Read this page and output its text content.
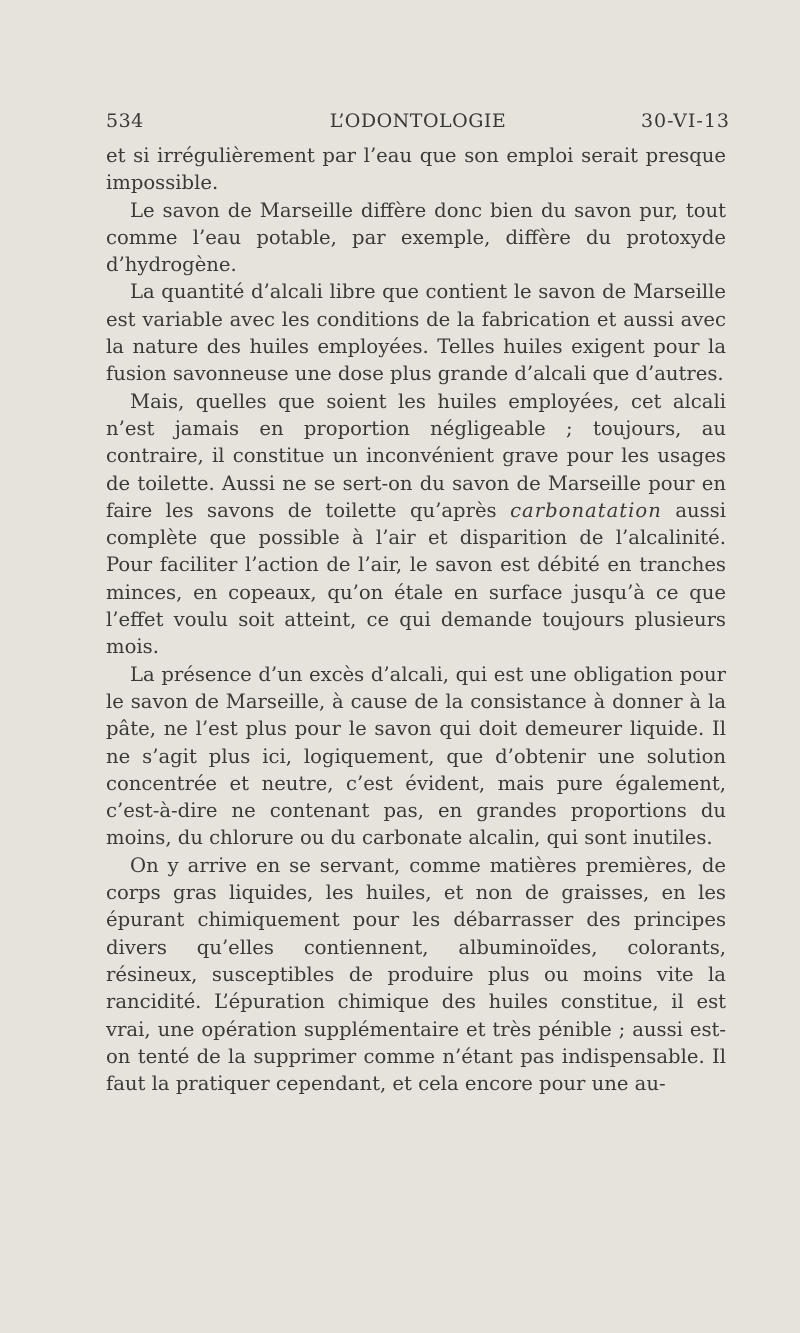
534	L’ODONTOLOGIE	30-VI-13

et si irrégulièrement par l’eau que son emploi serait presque impossible.

Le savon de Marseille diffère donc bien du savon pur, tout comme l’eau potable, par exemple, diffère du protoxyde d’hydrogène.

La quantité d’alcali libre que contient le savon de Marseille est variable avec les conditions de la fabrication et aussi avec la nature des huiles employées. Telles huiles exigent pour la fusion savonneuse une dose plus grande d’alcali que d’autres.

Mais, quelles que soient les huiles employées, cet alcali n’est jamais en proportion négligeable ; toujours, au contraire, il constitue un inconvénient grave pour les usages de toilette. Aussi ne se sert-on du savon de Marseille pour en faire les savons de toilette qu’après carbonatation aussi complète que possible à l’air et disparition de l’alcalinité. Pour faciliter l’action de l’air, le savon est débité en tranches minces, en copeaux, qu’on étale en surface jusqu’à ce que l’effet voulu soit atteint, ce qui demande toujours plusieurs mois.

La présence d’un excès d’alcali, qui est une obligation pour le savon de Marseille, à cause de la consistance à donner à la pâte, ne l’est plus pour le savon qui doit demeurer liquide. Il ne s’agit plus ici, logiquement, que d’obtenir une solution concentrée et neutre, c’est évident, mais pure également, c’est-à-dire ne contenant pas, en grandes proportions du moins, du chlorure ou du carbonate alcalin, qui sont inutiles.

On y arrive en se servant, comme matières premières, de corps gras liquides, les huiles, et non de graisses, en les épurant chimiquement pour les débarrasser des principes divers qu’elles contiennent, albuminoïdes, colorants, résineux, susceptibles de produire plus ou moins vite la rancidité. L’épuration chimique des huiles constitue, il est vrai, une opération supplémentaire et très pénible ; aussi est-on tenté de la supprimer comme n’étant pas indispensable. Il faut la pratiquer cependant, et cela encore pour une au-
